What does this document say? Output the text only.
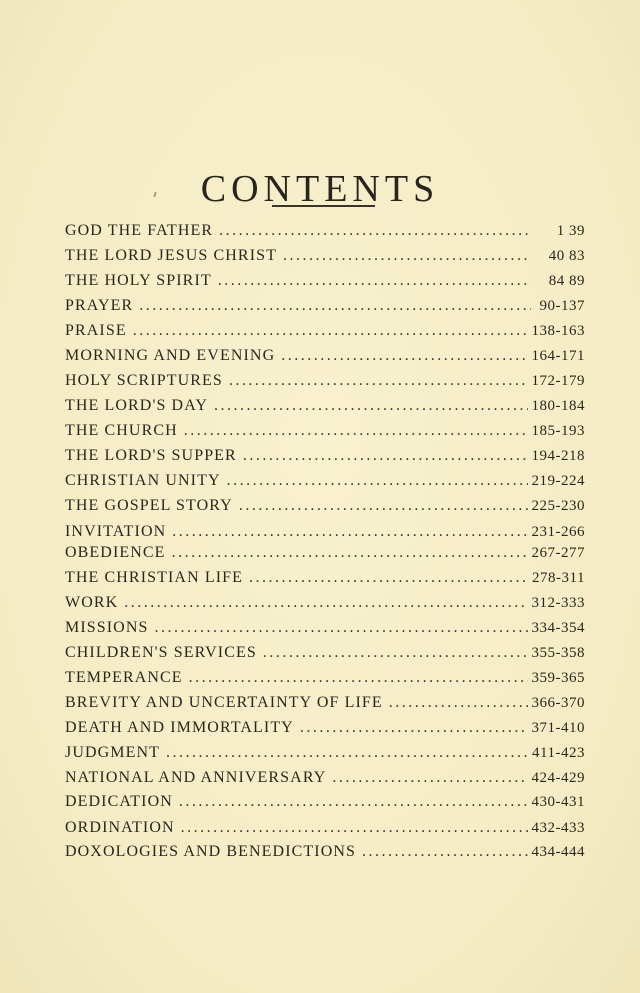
CONTENTS
GOD THE FATHER .....	1 39
THE LORD JESUS CHRIST .....	40 83
THE HOLY SPIRIT .....	84 89
PRAYER .....	90-137
PRAISE .....	138-163
MORNING AND EVENING .....	164-171
HOLY SCRIPTURES .....	172-179
THE LORD'S DAY .....	180-184
THE CHURCH .....	185-193
THE LORD'S SUPPER .....	194-218
CHRISTIAN UNITY .....	219-224
THE GOSPEL STORY .....	225-230
INVITATION .....	231-266
OBEDIENCE .....	267-277
THE CHRISTIAN LIFE .....	278-311
WORK .....	312-333
MISSIONS .....	334-354
CHILDREN'S SERVICES .....	355-358
TEMPERANCE .....	359-365
BREVITY AND UNCERTAINTY OF LIFE .....	366-370
DEATH AND IMMORTALITY .....	371-410
JUDGMENT .....	411-423
NATIONAL AND ANNIVERSARY .....	424-429
DEDICATION .....	430-431
ORDINATION .....	432-433
DOXOLOGIES AND BENEDICTIONS .....	434-444
